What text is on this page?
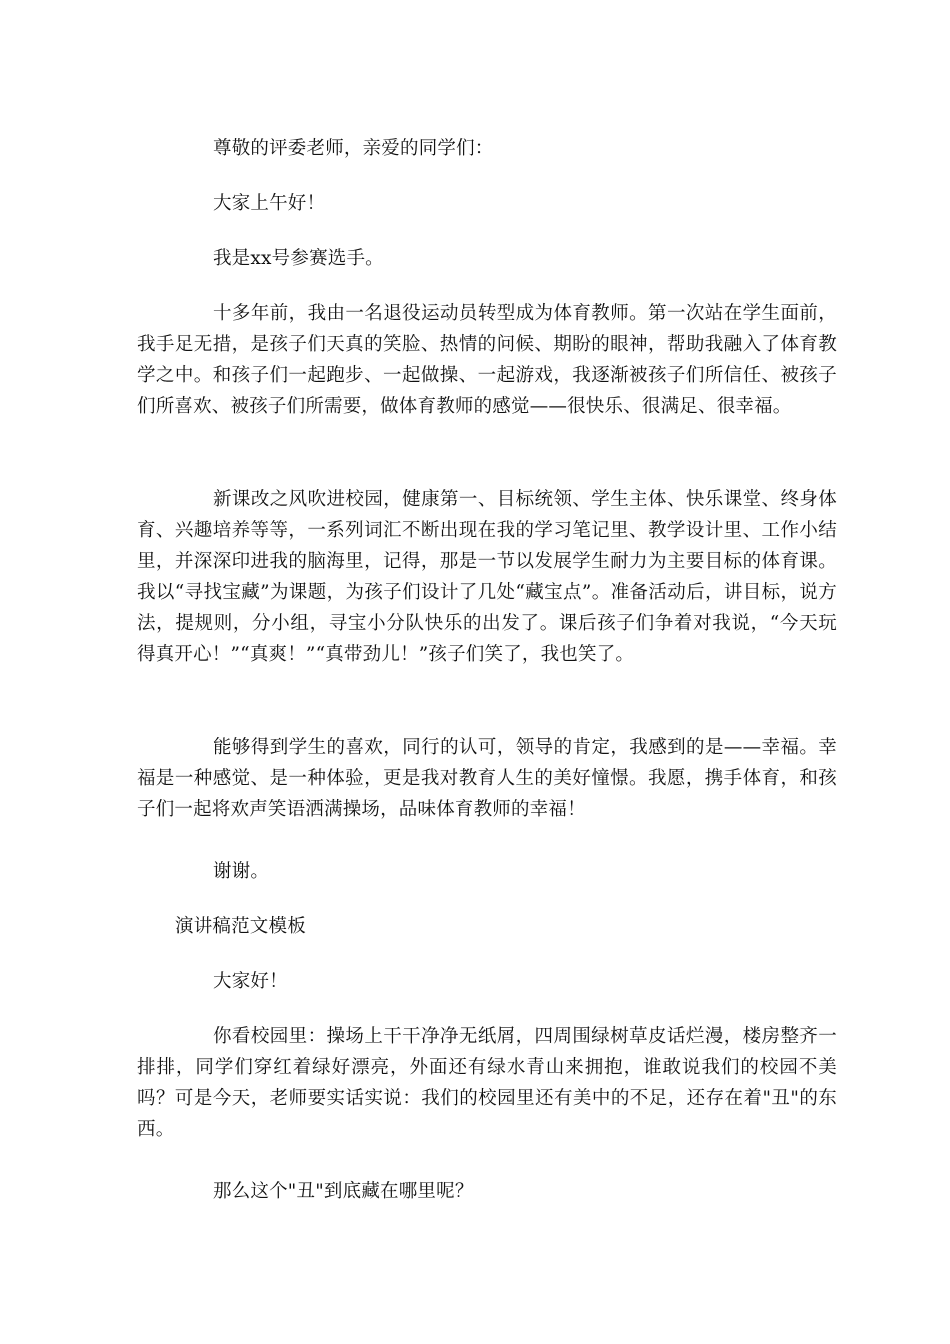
尊敬的评委老师，亲爱的同学们：

大家上午好！

我是xx号参赛选手。

十多年前，我由一名退役运动员转型成为体育教师。第一次站在学生面前，我手足无措，是孩子们天真的笑脸、热情的问候、期盼的眼神，帮助我融入了体育教学之中。和孩子们一起跑步、一起做操、一起游戏，我逐渐被孩子们所信任、被孩子们所喜欢、被孩子们所需要，做体育教师的感觉——很快乐、很满足、很幸福。

新课改之风吹进校园，健康第一、目标统领、学生主体、快乐课堂、终身体育、兴趣培养等等，一系列词汇不断出现在我的学习笔记里、教学设计里、工作小结里，并深深印进我的脑海里，记得，那是一节以发展学生耐力为主要目标的体育课。我以“寻找宝藏”为课题，为孩子们设计了几处“藏宝点”。准备活动后，讲目标，说方法，提规则，分小组，寻宝小分队快乐的出发了。课后孩子们争着对我说，“今天玩得真开心！”“真爽！”“真带劲儿！”孩子们笑了，我也笑了。

能够得到学生的喜欢，同行的认可，领导的肯定，我感到的是——幸福。幸福是一种感觉、是一种体验，更是我对教育人生的美好憧憬。我愿，携手体育，和孩子们一起将欢声笑语洒满操场，品味体育教师的幸福！

谢谢。

演讲稿范文模板

大家好！

你看校园里：操场上干干净净无纸屑，四周围绿树草皮话烂漫，楼房整齐一排排，同学们穿红着绿好漂亮，外面还有绿水青山来拥抱，谁敢说我们的校园不美吗？可是今天，老师要实话实说：我们的校园里还有美中的不足，还存在着"丑"的东西。

那么这个"丑"到底藏在哪里呢？
